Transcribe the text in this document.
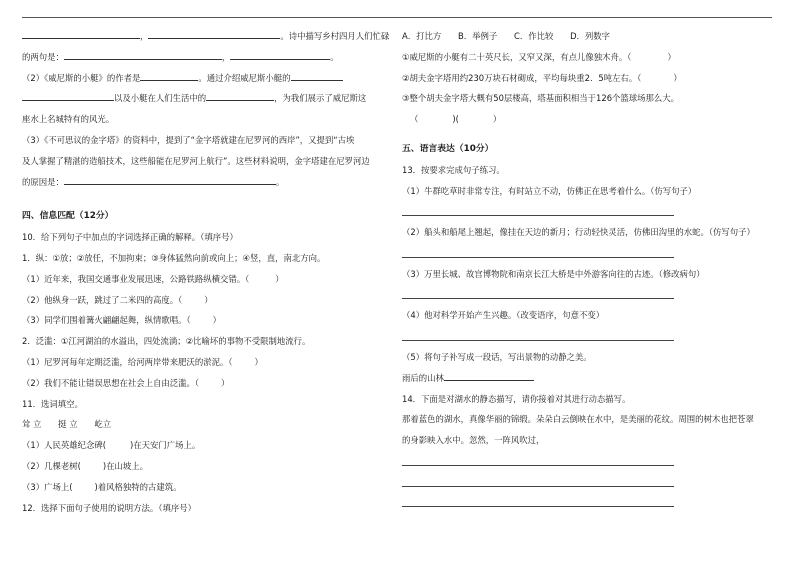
，	。诗中描写乡村四月人们忙碌
的两句是：	，	。
（2）《威尼斯的小艇》的作者是	。通过介绍威尼斯小艇的
以及小艇在人们生活中的	，为我们展示了威尼斯这
座水上名城特有的风光。
（3）《不可思议的金字塔》的资料中，提到了“金字塔就建在尼罗河的西岸”，又提到“古埃
及人掌握了精湛的造船技术，这些船能在尼罗河上航行”。这些材料说明，金字塔建在尼罗河边
的原因是：	。
四、信息匹配（12分）
10．给下列句子中加点的字词选择正确的解释。（填序号）
1．纵：①放；②放任，不加拘束；③身体猛然向前或向上；④竖，直，南北方向。
（1）近年来，我国交通事业发展迅速，公路铁路纵横交错。（	）
（2）他纵身一跃，跳过了二米四的高度。（	）
（3）同学们围着篝火翩翩起舞，纵情歌唱。（	）
2．泛滥：①江河湖泊的水溢出，四处流淌；②比喻坏的事物不受限制地流行。
（1）尼罗河每年定期泛滥，给河两岸带来肥沃的淤泥。（	）
（2）我们不能让错误思想在社会上自由泛滥。（	）
11．选词填空。
耸 立　　挺 立　　屹立
（1）人民英雄纪念碑(	)在天安门广场上。
（2）几棵老树(	)在山坡上。
（3）广场上(	)着风格独特的古建筑。
12．选择下面句子使用的说明方法。（填序号）
A．打比方　　B．举例子　　C．作比较　　D．列数字
①威尼斯的小艇有二十英尺长，又窄又深，有点儿像独木舟。（	）
②胡夫金字塔用约230万块石材砌成，平均每块重2．5吨左右。（	）
③整个胡夫金字塔大概有50层楼高，塔基面积相当于126个篮球场那么大。
（	)(	）
五、语言表达（10分）
13．按要求完成句子练习。
（1）牛群吃草时非常专注，有时站立不动，仿佛正在思考着什么。（仿写句子）
（2）船头和船尾上翘起，像挂在天边的新月；行动轻快灵活，仿佛田沟里的水蛇。（仿写句子）
（3）万里长城、故宫博物院和南京长江大桥是中外游客向往的古迹。（修改病句）
（4）他对科学开始产生兴趣。（改变语序，句意不变）
（5）将句子补写成一段话，写出景物的动静之美。
雨后的山林
14．下面是对湖水的静态描写，请你接着对其进行动态描写。
那着蓝色的湖水，真像华丽的锦缎。朵朵白云倒映在水中，是美丽的花纹。周围的树木也把苍翠
的身影映入水中。忽然，一阵风吹过，
